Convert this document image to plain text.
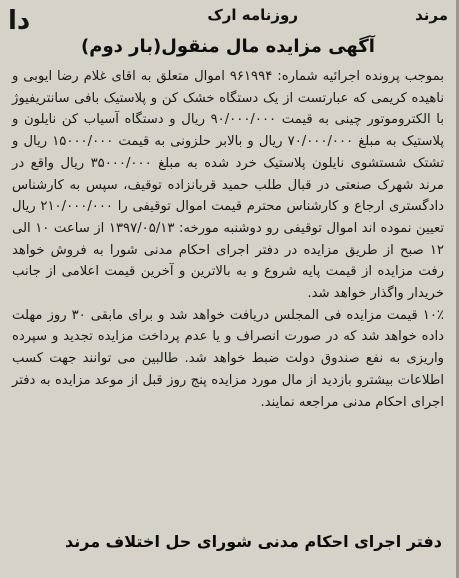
مرند
روزنامه ارک
دا
آگهی مزایده مال منقول(بار دوم)

بموجب پرونده اجرائیه شماره: ۹۶۱۹۹۴ اموال متعلق به اقای غلام رضا ایوبی و ناهیده کریمی که عبارتست از یک دستگاه خشک کن و پلاستیک بافی سانتریفیوژ با الکتروموتور چینی به قیمت ۹۰/۰۰۰/۰۰۰ ریال و دستگاه آسیاب کن نایلون و پلاستیک به مبلغ ۷۰/۰۰۰/۰۰۰ ریال و بالابر حلزونی به قیمت ۱۵۰۰۰/۰۰۰ ریال و تشتک شستشوی نایلون پلاستیک خرد شده به مبلغ ۳۵۰۰۰/۰۰۰ ریال واقع در مرند شهرک صنعتی در قبال طلب حمید قربانزاده توقیف، سپس به کارشناس دادگستری ارجاع و کارشناس محترم قیمت اموال توقیفی را ۲۱۰/۰۰۰/۰۰۰ ریال تعیین نموده اند اموال توقیفی رو دوشنبه مورخه: ۱۳۹۷/۰۵/۱۳ از ساعت ۱۰ الی ۱۲ صبح از طریق مزایده در دفتر اجرای احکام مدنی شورا به فروش خواهد رفت مزایده از قیمت پایه شروع و به بالاترین و آخرین قیمت اعلامی از جانب خریدار واگذار خواهد شد.

۱۰٪ قیمت مزایده فی المجلس دریافت خواهد شد و برای مابقی ۳۰ روز مهلت داده خواهد شد که در صورت انصراف و یا عدم پرداخت مزایده تجدید و سپرده واریزی به نفع صندوق دولت ضبط خواهد شد. طالبین می توانند جهت کسب اطلاعات بیشترو بازدید از مال مورد مزایده پنج روز قبل از موعد مزایده به دفتر اجرای احکام مدنی مراجعه نمایند.

دفتر اجرای احکام مدنی شورای حل اختلاف مرند
